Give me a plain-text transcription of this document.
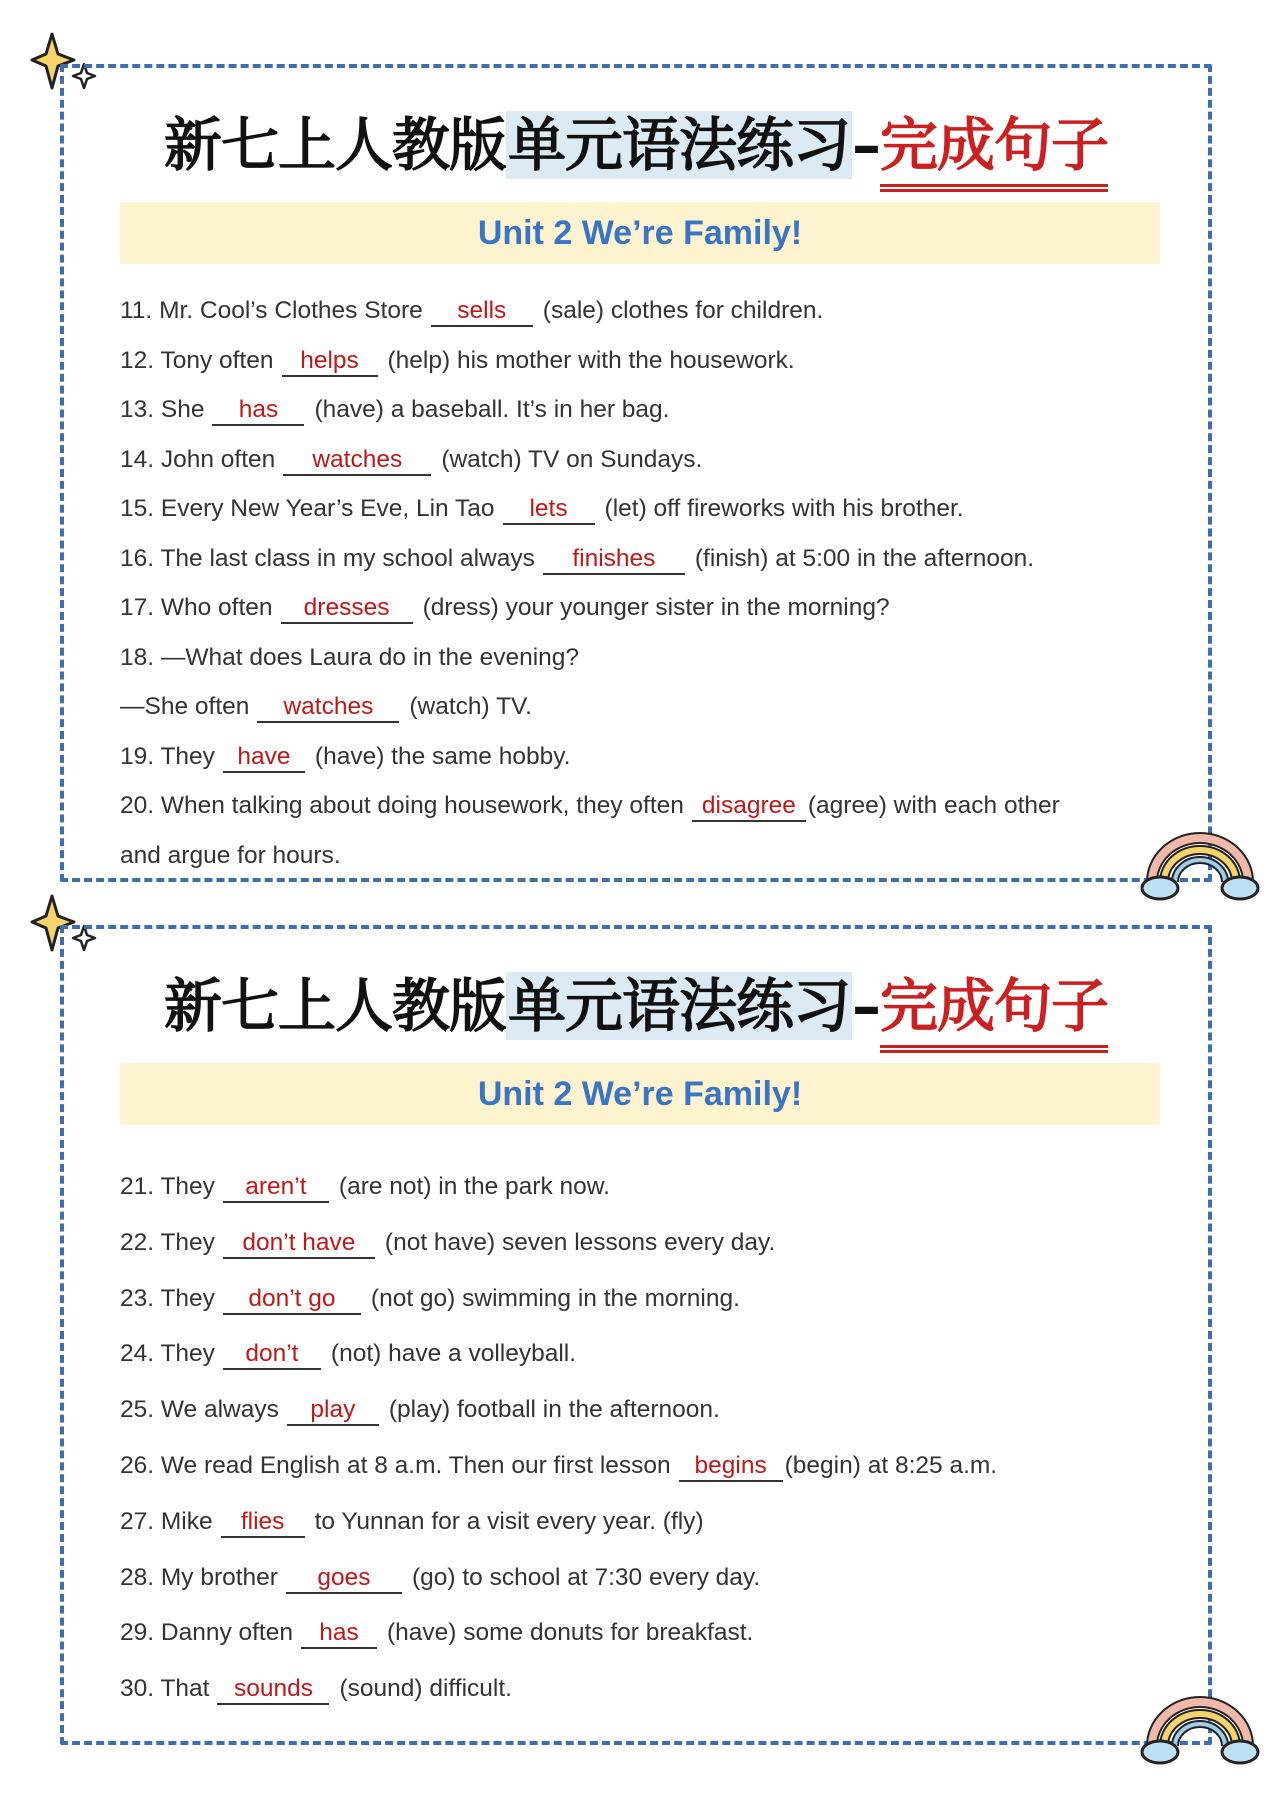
新七上人教版单元语法练习–完成句子
Unit 2 We’re Family!
11. Mr. Cool’s Clothes Store sells (sale) clothes for children.
12. Tony often helps (help) his mother with the housework.
13. She has (have) a baseball. It’s in her bag.
14. John often watches (watch) TV on Sundays.
15. Every New Year’s Eve, Lin Tao lets (let) off fireworks with his brother.
16. The last class in my school always finishes (finish) at 5:00 in the afternoon.
17. Who often dresses (dress) your younger sister in the morning?
18. —What does Laura do in the evening?
—She often watches (watch) TV.
19. They have (have) the same hobby.
20. When talking about doing housework, they often disagree (agree) with each other
and argue for hours.
新七上人教版单元语法练习–完成句子
Unit 2 We’re Family!
21. They aren’t (are not) in the park now.
22. They don’t have (not have) seven lessons every day.
23. They don’t go (not go) swimming in the morning.
24. They don’t (not) have a volleyball.
25. We always play (play) football in the afternoon.
26. We read English at 8 a.m. Then our first lesson begins (begin) at 8:25 a.m.
27. Mike flies to Yunnan for a visit every year. (fly)
28. My brother goes (go) to school at 7:30 every day.
29. Danny often has (have) some donuts for breakfast.
30. That sounds (sound) difficult.
